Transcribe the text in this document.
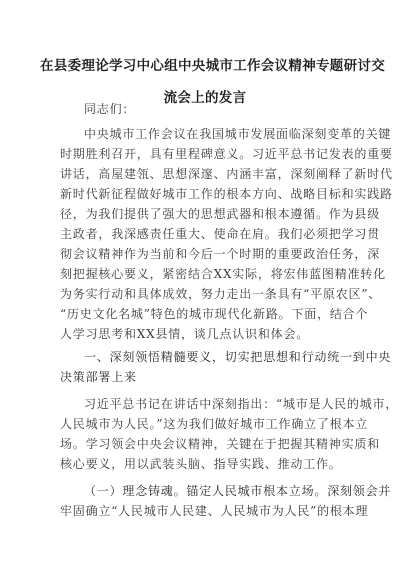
在县委理论学习中心组中央城市工作会议精神专题研讨交
流会上的发言
同志们：
中央城市工作会议在我国城市发展面临深刻变革的关键
时期胜利召开，具有里程碑意义。习近平总书记发表的重要
讲话，高屋建瓴、思想深邃、内涵丰富，深刻阐释了新时代
新时代新征程做好城市工作的根本方向、战略目标和实践路
径，为我们提供了强大的思想武器和根本遵循。作为县级
主政者，我深感责任重大、使命在肩。我们必须把学习贯
彻会议精神作为当前和今后一个时期的重要政治任务，深
刻把握核心要义，紧密结合XX实际，将宏伟蓝图精准转化
为务实行动和具体成效，努力走出一条具有“平原农区”、
“历史文化名城”特色的城市现代化新路。下面，结合个
人学习思考和XX县情，谈几点认识和体会。
一、深刻领悟精髓要义，切实把思想和行动统一到中央
决策部署上来
习近平总书记在讲话中深刻指出：“城市是人民的城市，
人民城市为人民。”这为我们做好城市工作确立了根本立
场。学习领会中央会议精神，关键在于把握其精神实质和
核心要义，用以武装头脑、指导实践、推动工作。
（一）理念铸魂。锚定人民城市根本立场。深刻领会并
牢固确立“人民城市人民建、人民城市为人民”的根本理
